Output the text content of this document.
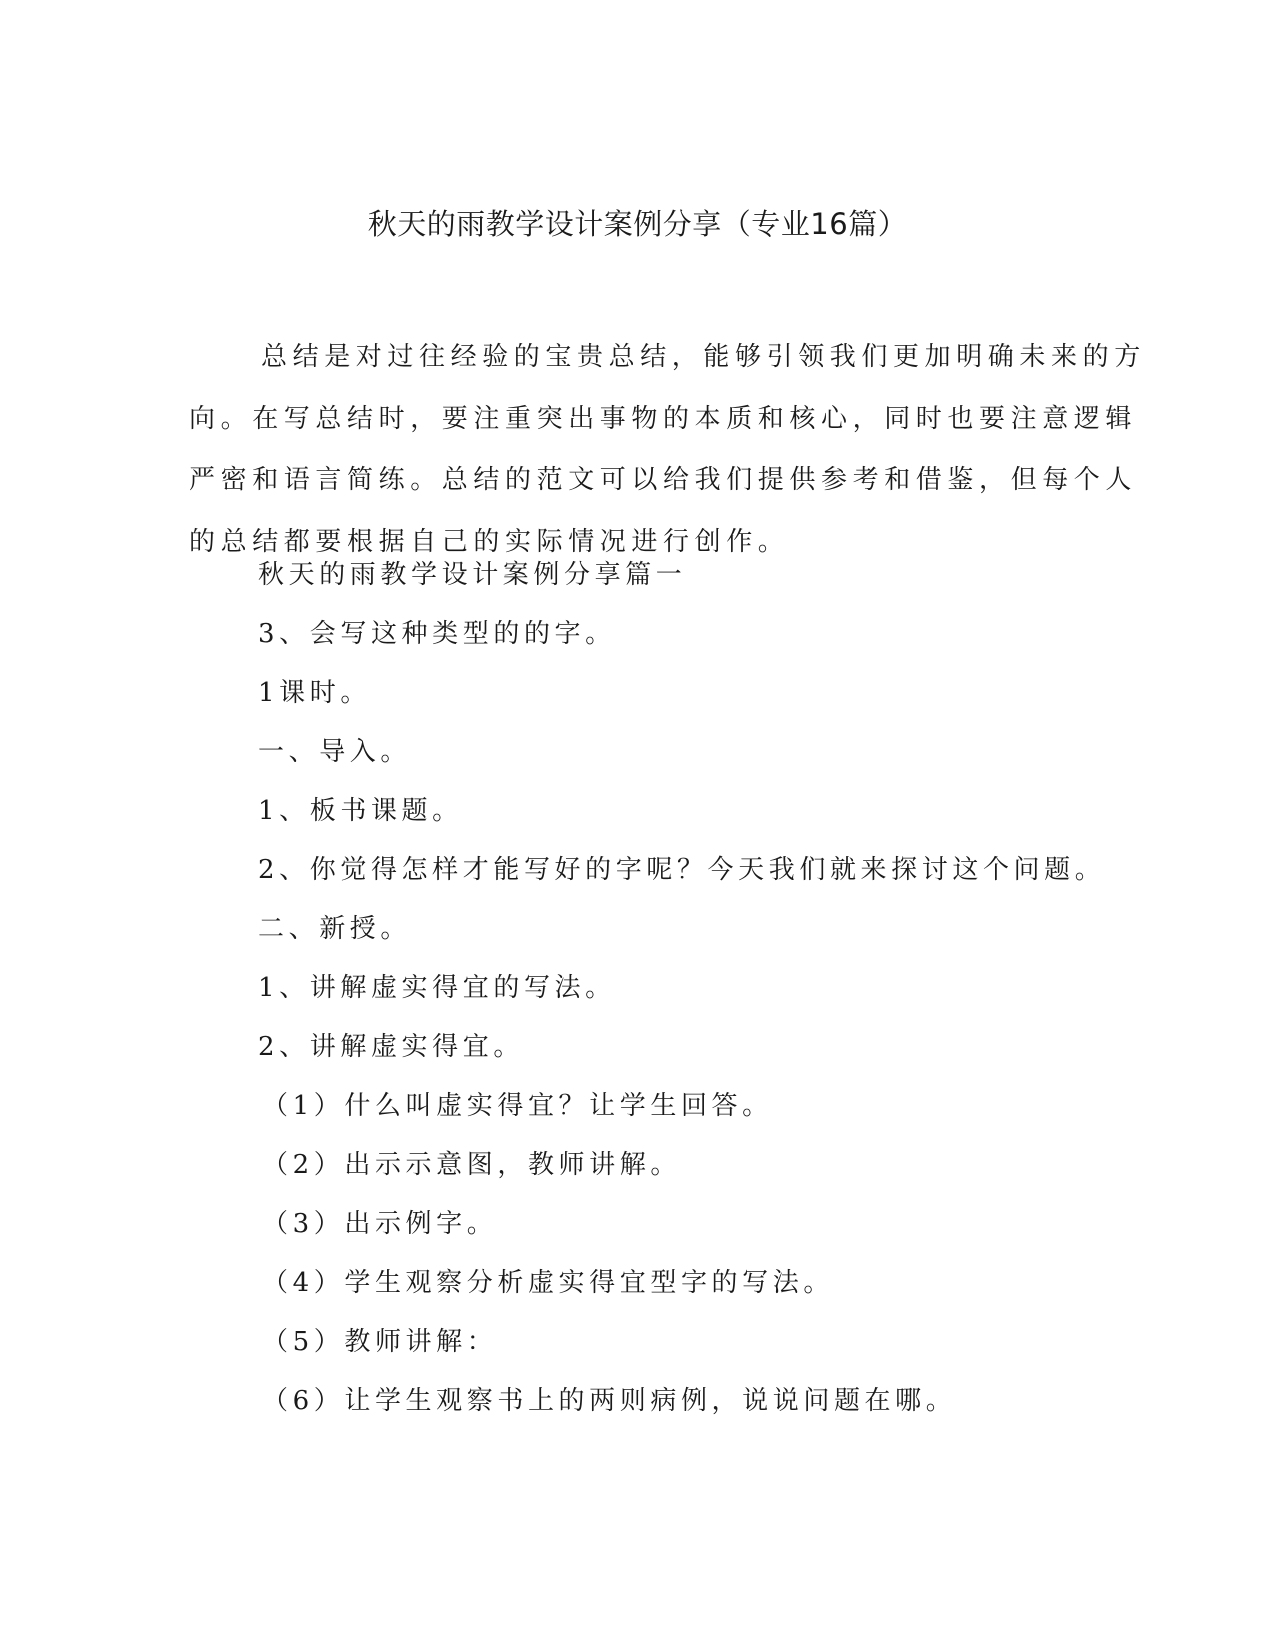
秋天的雨教学设计案例分享（专业16篇）

总结是对过往经验的宝贵总结，能够引领我们更加明确未来的方
向。在写总结时，要注重突出事物的本质和核心，同时也要注意逻辑
严密和语言简练。总结的范文可以给我们提供参考和借鉴，但每个人
的总结都要根据自己的实际情况进行创作。

秋天的雨教学设计案例分享篇一

3、会写这种类型的的字。

1课时。

一、导入。

1、板书课题。

2、你觉得怎样才能写好的字呢？今天我们就来探讨这个问题。

二、新授。

1、讲解虚实得宜的写法。

2、讲解虚实得宜。

（1）什么叫虚实得宜？让学生回答。

（2）出示示意图，教师讲解。

（3）出示例字。

（4）学生观察分析虚实得宜型字的写法。

（5）教师讲解：

（6）让学生观察书上的两则病例，说说问题在哪。
